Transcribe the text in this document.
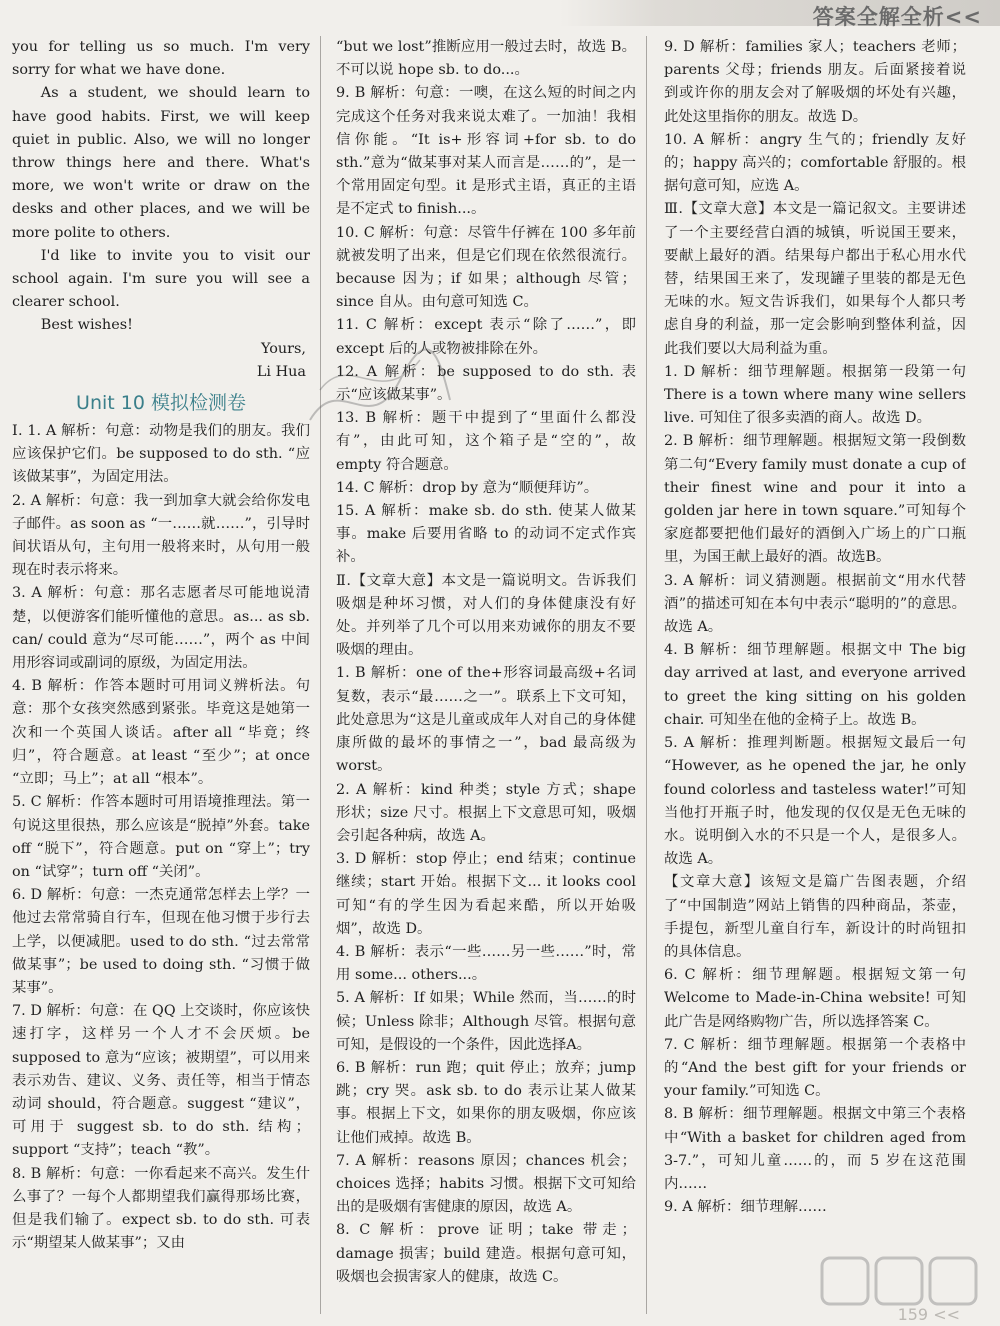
答案全解全析<<

you for telling us so much. I'm very sorry for what we have done.

As a student, we should learn to have good habits. First, we will keep quiet in public. Also, we will no longer throw things here and there. What's more, we won't write or draw on the desks and other places, and we will be more polite to others.

I'd like to invite you to visit our school again. I'm sure you will see a clearer school.

Best wishes!

Yours,

Li Hua

Unit 10 模拟检测卷

Ⅰ. 1. A 解析：句意：动物是我们的朋友。我们应该保护它们。be supposed to do sth. “应该做某事”，为固定用法。

2. A 解析：句意：我一到加拿大就会给你发电子邮件。as soon as “一……就……”，引导时间状语从句，主句用一般将来时，从句用一般现在时表示将来。

3. A 解析：句意：那名志愿者尽可能地说清楚，以便游客们能听懂他的意思。as... as sb. can/ could 意为“尽可能……”，两个 as 中间用形容词或副词的原级，为固定用法。

4. B 解析：作答本题时可用词义辨析法。句意：那个女孩突然感到紧张。毕竟这是她第一次和一个英国人谈话。after all “毕竟；终归”，符合题意。at least “至少”；at once “立即；马上”；at all “根本”。

5. C 解析：作答本题时可用语境推理法。第一句说这里很热，那么应该是“脱掉”外套。take off “脱下”，符合题意。put on “穿上”；try on “试穿”；turn off “关闭”。

6. D 解析：句意：一杰克通常怎样去上学？一他过去常常骑自行车，但现在他习惯于步行去上学，以便减肥。used to do sth. “过去常常做某事”；be used to doing sth. “习惯于做某事”。

7. D 解析：句意：在 QQ 上交谈时，你应该快速打字，这样另一个人才不会厌烦。be supposed to 意为“应该；被期望”，可以用来表示劝告、建议、义务、责任等，相当于情态动词 should，符合题意。suggest “建议”，可用于 suggest sb. to do sth. 结构；support “支持”；teach “教”。

8. B 解析：句意：一你看起来不高兴。发生什么事了？一每个人都期望我们赢得那场比赛，但是我们输了。expect sb. to do sth. 可表示“期望某人做某事”；又由

“but we lost”推断应用一般过去时，故选 B。不可以说 hope sb. to do...。

9. B 解析：句意：一噢，在这么短的时间之内完成这个任务对我来说太难了。一加油！我相信你能。“It is+形容词+for sb. to do sth.”意为“做某事对某人而言是……的”，是一个常用固定句型。it 是形式主语，真正的主语是不定式 to finish...。

10. C 解析：句意：尽管牛仔裤在 100 多年前就被发明了出来，但是它们现在依然很流行。because 因为；if 如果；although 尽管；since 自从。由句意可知选 C。

11. C 解析：except 表示“除了……”，即 except 后的人或物被排除在外。

12. A 解析：be supposed to do sth. 表示“应该做某事”。

13. B 解析：题干中提到了“里面什么都没有”，由此可知，这个箱子是“空的”，故 empty 符合题意。

14. C 解析：drop by 意为“顺便拜访”。

15. A 解析：make sb. do sth. 使某人做某事。make 后要用省略 to 的动词不定式作宾补。

Ⅱ.【文章大意】本文是一篇说明文。告诉我们吸烟是种坏习惯，对人们的身体健康没有好处。并列举了几个可以用来劝诫你的朋友不要吸烟的理由。

1. B 解析：one of the+形容词最高级+名词复数，表示“最……之一”。联系上下文可知，此处意思为“这是儿童或成年人对自己的身体健康所做的最坏的事情之一”，bad 最高级为 worst。

2. A 解析：kind 种类；style 方式；shape 形状；size 尺寸。根据上下文意思可知，吸烟会引起各种病，故选 A。

3. D 解析：stop 停止；end 结束；continue 继续；start 开始。根据下文... it looks cool 可知“有的学生因为看起来酷，所以开始吸烟”，故选 D。

4. B 解析：表示“一些……另一些……”时，常用 some... others...。

5. A 解析：If 如果；While 然而，当……的时候；Unless 除非；Although 尽管。根据句意可知，是假设的一个条件，因此选择A。

6. B 解析：run 跑；quit 停止；放弃；jump 跳；cry 哭。ask sb. to do 表示让某人做某事。根据上下文，如果你的朋友吸烟，你应该让他们戒掉。故选 B。

7. A 解析：reasons 原因；chances 机会；choices 选择；habits 习惯。根据下文可知给出的是吸烟有害健康的原因，故选 A。

8. C 解析：prove 证明；take 带走；damage 损害；build 建造。根据句意可知，吸烟也会损害家人的健康，故选 C。

9. D 解析：families 家人；teachers 老师；parents 父母；friends 朋友。后面紧接着说到或许你的朋友会对了解吸烟的坏处有兴趣，此处这里指你的朋友。故选 D。

10. A 解析：angry 生气的；friendly 友好的；happy 高兴的；comfortable 舒服的。根据句意可知，应选 A。

Ⅲ.【文章大意】本文是一篇记叙文。主要讲述了一个主要经营白酒的城镇，听说国王要来，要献上最好的酒。结果每户都出于私心用水代替，结果国王来了，发现罐子里装的都是无色无味的水。短文告诉我们，如果每个人都只考虑自身的利益，那一定会影响到整体利益，因此我们要以大局利益为重。

1. D 解析：细节理解题。根据第一段第一句 There is a town where many wine sellers live. 可知住了很多卖酒的商人。故选 D。

2. B 解析：细节理解题。根据短文第一段倒数第二句“Every family must donate a cup of their finest wine and pour it into a golden jar here in town square.”可知每个家庭都要把他们最好的酒倒入广场上的广口瓶里，为国王献上最好的酒。故选B。

3. A 解析：词义猜测题。根据前文“用水代替酒”的描述可知在本句中表示“聪明的”的意思。故选 A。

4. B 解析：细节理解题。根据文中 The big day arrived at last, and everyone arrived to greet the king sitting on his golden chair. 可知坐在他的金椅子上。故选 B。

5. A 解析：推理判断题。根据短文最后一句 “However, as he opened the jar, he only found colorless and tasteless water!”可知当他打开瓶子时，他发现的仅仅是无色无味的水。说明倒入水的不只是一个人，是很多人。故选 A。

【文章大意】该短文是篇广告图表题，介绍了“中国制造”网站上销售的四种商品，茶壶，手提包，新型儿童自行车，新设计的时尚钮扣的具体信息。

6. C 解析：细节理解题。根据短文第一句 Welcome to Made-in-China website! 可知此广告是网络购物广告，所以选择答案 C。

7. C 解析：细节理解题。根据第一个表格中的“And the best gift for your friends or your family.”可知选 C。

8. B 解析：细节理解题。根据文中第三个表格中“With a basket for children aged from 3-7.”，可知儿童……的，而 5 岁在这范围内……

9. A 解析：细节理解……

159 <<
